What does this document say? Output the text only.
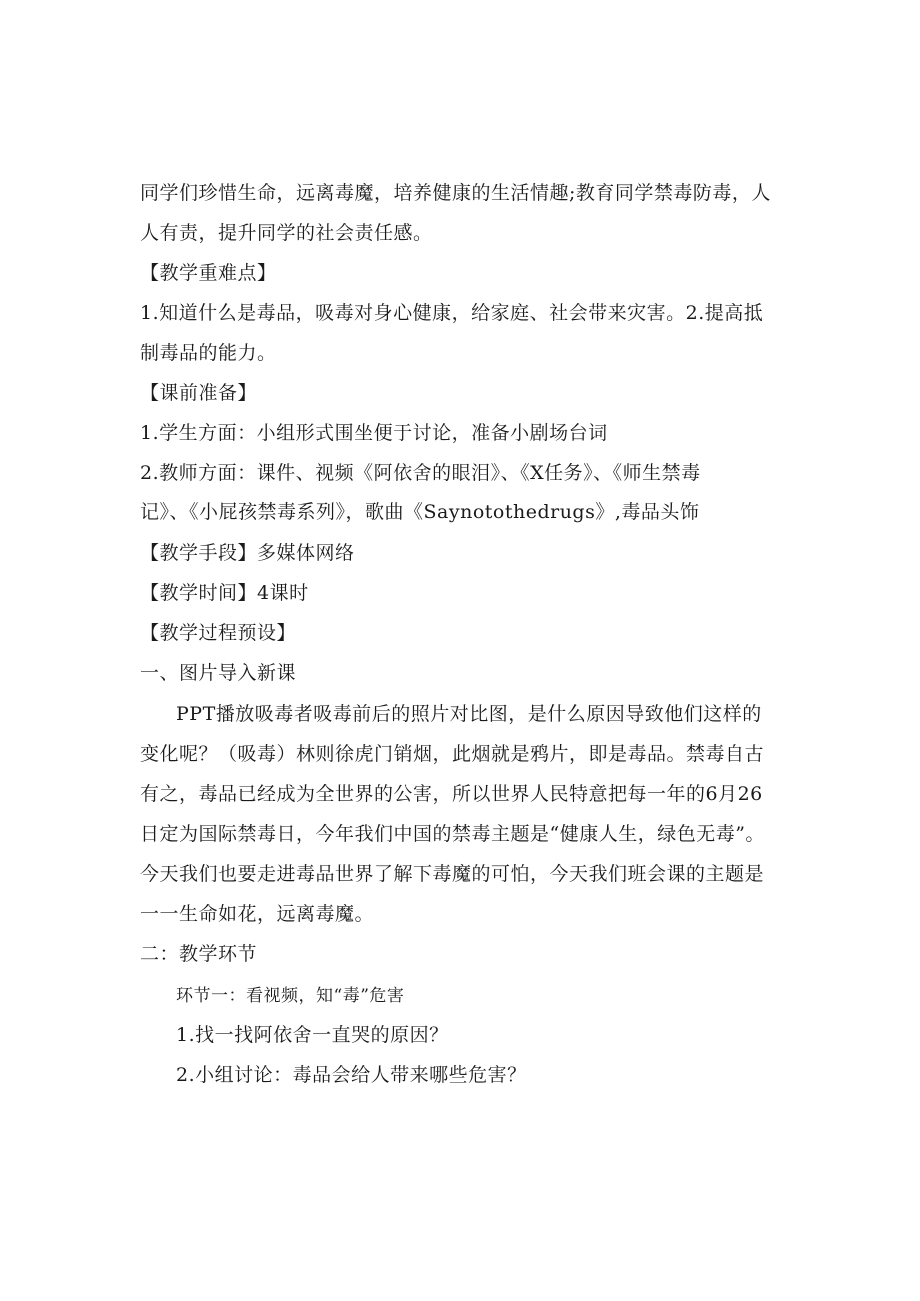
同学们珍惜生命，远离毒魔，培养健康的生活情趣;教育同学禁毒防毒，人
人有责，提升同学的社会责任感。
【教学重难点】
1.知道什么是毒品，吸毒对身心健康，给家庭、社会带来灾害。2.提高抵
制毒品的能力。
【课前准备】
1.学生方面：小组形式围坐便于讨论，准备小剧场台词
2.教师方面：课件、视频《阿依舍的眼泪》、《X任务》、《师生禁毒
记》、《小屁孩禁毒系列》，歌曲《Saynotothedrugs》,毒品头饰
【教学手段】多媒体网络
【教学时间】4课时
【教学过程预设】
一、图片导入新课
PPT播放吸毒者吸毒前后的照片对比图，是什么原因导致他们这样的
变化呢？（吸毒）林则徐虎门销烟，此烟就是鸦片，即是毒品。禁毒自古
有之，毒品已经成为全世界的公害，所以世界人民特意把每一年的6月26
日定为国际禁毒日，今年我们中国的禁毒主题是“健康人生，绿色无毒”。
今天我们也要走进毒品世界了解下毒魔的可怕，今天我们班会课的主题是
一一生命如花，远离毒魔。
二：教学环节
环节一：看视频，知“毒”危害
1.找一找阿依舍一直哭的原因？
2.小组讨论：毒品会给人带来哪些危害？
